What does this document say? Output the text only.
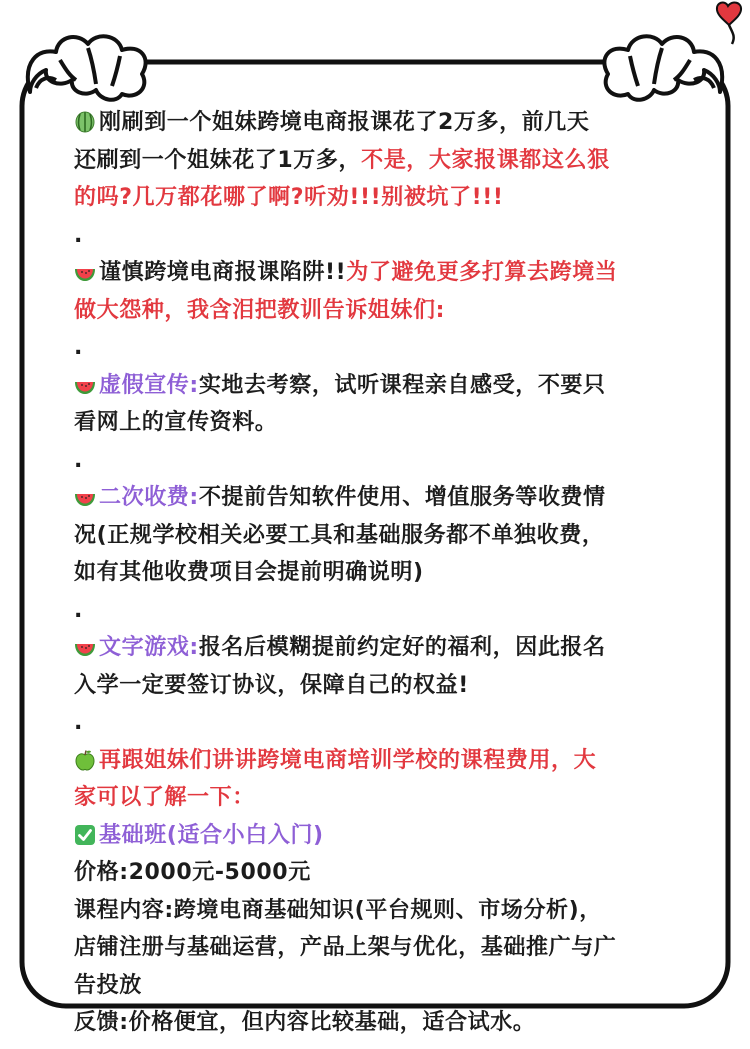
刚刷到一个姐妹跨境电商报课花了2万多，前几天
还刷到一个姐妹花了1万多，不是，大家报课都这么狠
的吗?几万都花哪了啊?听劝!!!别被坑了!!!
.
谨慎跨境电商报课陷阱!!为了避免更多打算去跨境当
做大怨种，我含泪把教训告诉姐妹们:
.
虚假宣传:实地去考察，试听课程亲自感受，不要只
看网上的宣传资料。
.
二次收费:不提前告知软件使用、增值服务等收费情
况(正规学校相关必要工具和基础服务都不单独收费，
如有其他收费项目会提前明确说明)
.
文字游戏:报名后模糊提前约定好的福利，因此报名
入学一定要签订协议，保障自己的权益!
.
再跟姐妹们讲讲跨境电商培训学校的课程费用，大
家可以了解一下：
基础班(适合小白入门)
价格:2000元-5000元
课程内容:跨境电商基础知识(平台规则、市场分析)，
店铺注册与基础运营，产品上架与优化，基础推广与广
告投放
反馈:价格便宜，但内容比较基础，适合试水。
